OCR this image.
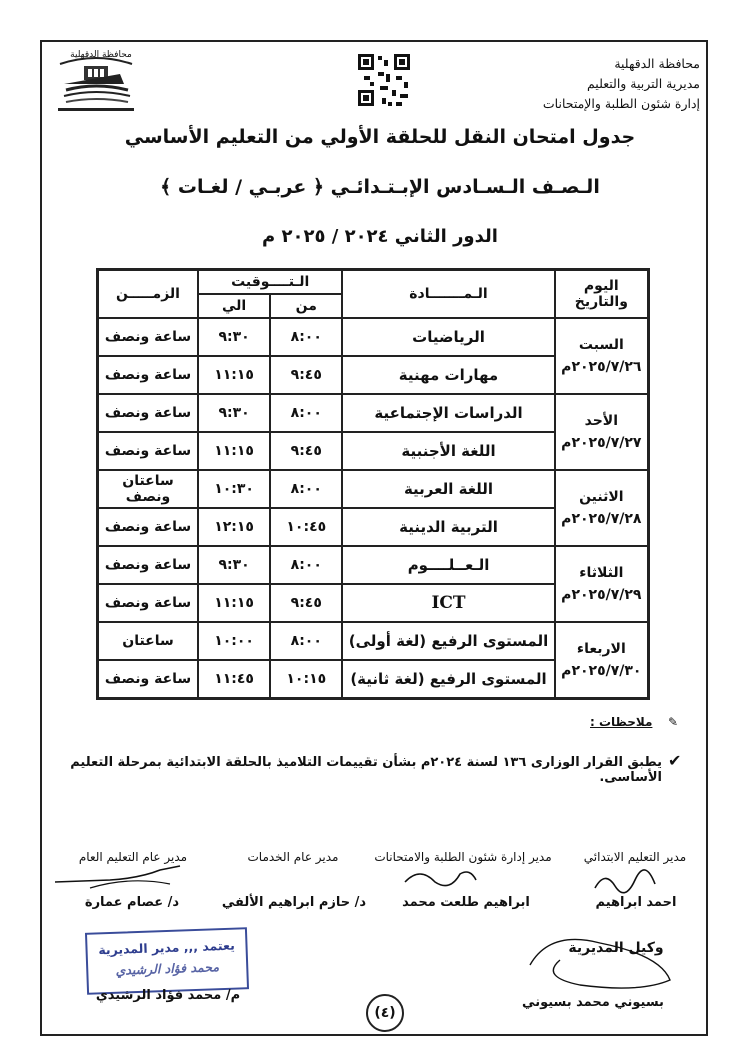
محافظة الدقهلية
مديرية التربية والتعليم
إدارة شئون الطلبة والإمتحانات
محافظة الدقهلية
جدول امتحان النقل للحلقة الأولي من التعليم الأساسي
الـصـف الـسـادس الإبـتـدائـي ﴿ عربـي / لغـات ﴾
الدور الثاني ٢٠٢٤ / ٢٠٢٥ م
اليوم والتاريخ	الـمـــــــادة	الـتــــوقيت		الزمـــــن
		من	الي	

السبت
٢٠٢٥/٧/٢٦م	الرياضيات	٨:٠٠	٩:٣٠	ساعة ونصف
	مهارات مهنية	٩:٤٥	١١:١٥	ساعة ونصف

الأحد
٢٠٢٥/٧/٢٧م	الدراسات الإجتماعية	٨:٠٠	٩:٣٠	ساعة ونصف
	اللغة الأجنبية	٩:٤٥	١١:١٥	ساعة ونصف

الاثنين
٢٠٢٥/٧/٢٨م	اللغة العربية	٨:٠٠	١٠:٣٠	ساعتان ونصف
	التربية الدينية	١٠:٤٥	١٢:١٥	ساعة ونصف

الثلاثاء
٢٠٢٥/٧/٢٩م	الـعــلــــوم	٨:٠٠	٩:٣٠	ساعة ونصف
	ICT	٩:٤٥	١١:١٥	ساعة ونصف

الاربعاء
٢٠٢٥/٧/٣٠م	المستوى الرفيع (لغة أولى)	٨:٠٠	١٠:٠٠	ساعتان
	المستوى الرفيع (لغة ثانية)	١٠:١٥	١١:٤٥	ساعة ونصف
✎
ملاحظات :
✔
يطبق القرار الوزارى ١٣٦ لسنة ٢٠٢٤م بشأن تقييمات التلاميذ بالحلقة الابتدائية بمرحلة التعليم الأساسى.
مدير التعليم الابتدائي
مدير إدارة شئون الطلبة والامتحانات
مدير عام الخدمات
مدير عام التعليم العام
احمد ابراهيم
ابراهيم طلعت محمد
د/ حازم ابراهيم الألفي
د/ عصام عمارة
يعتمد ,,, مدير المديرية
محمد فؤاد الرشيدي
م/ محمد فؤاد الرشيدي
وكيل المديرية
بسيوني محمد بسيوني
(٤)
